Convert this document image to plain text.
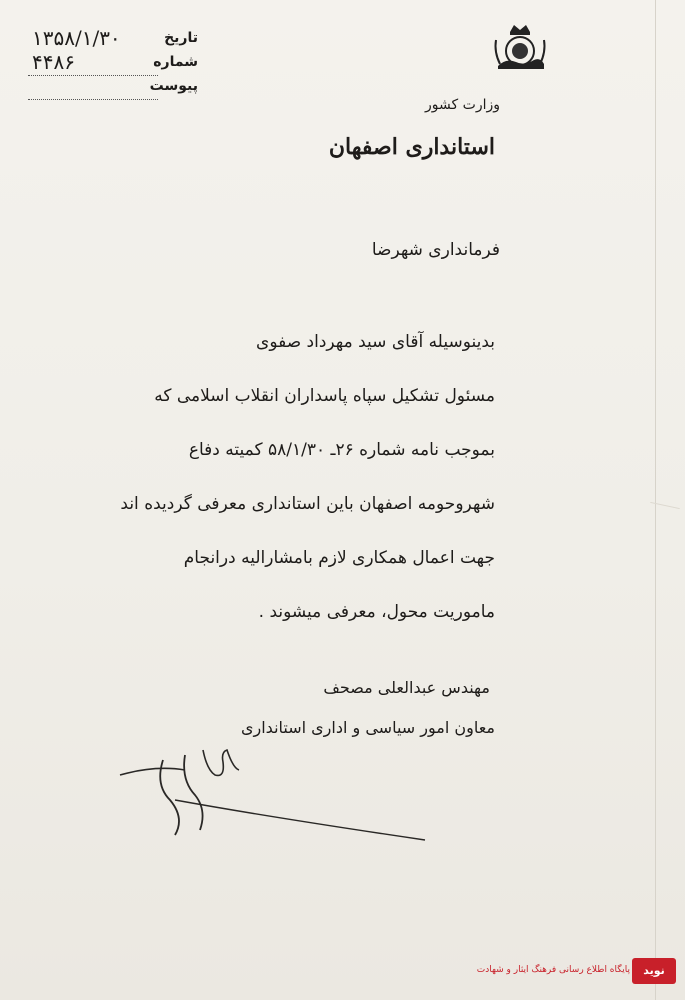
تاریخ
۱۳۵۸/۱/۳۰
شماره
۴۴۸۶
پیوست
وزارت کشور
استانداری اصفهان
فرمانداری شهرضا
بدینوسیله آقای سید مهرداد صفوی
مسئول تشکیل سپاه پاسداران انقلاب اسلامی که
بموجب نامه شماره ۲۶ـ ۵۸/۱/۳۰ کمیته دفاع
شهروحومه اصفهان باین استانداری معرفی گردیده اند
جهت اعمال همکاری لازم بامشارالیه درانجام
ماموریت محول، معرفی میشوند .
مهندس عبدالعلی مصحف
معاون امور سیاسی و اداری استانداری
پایگاه اطلاع رسانی فرهنگ ایثار و شهادت	نوید
